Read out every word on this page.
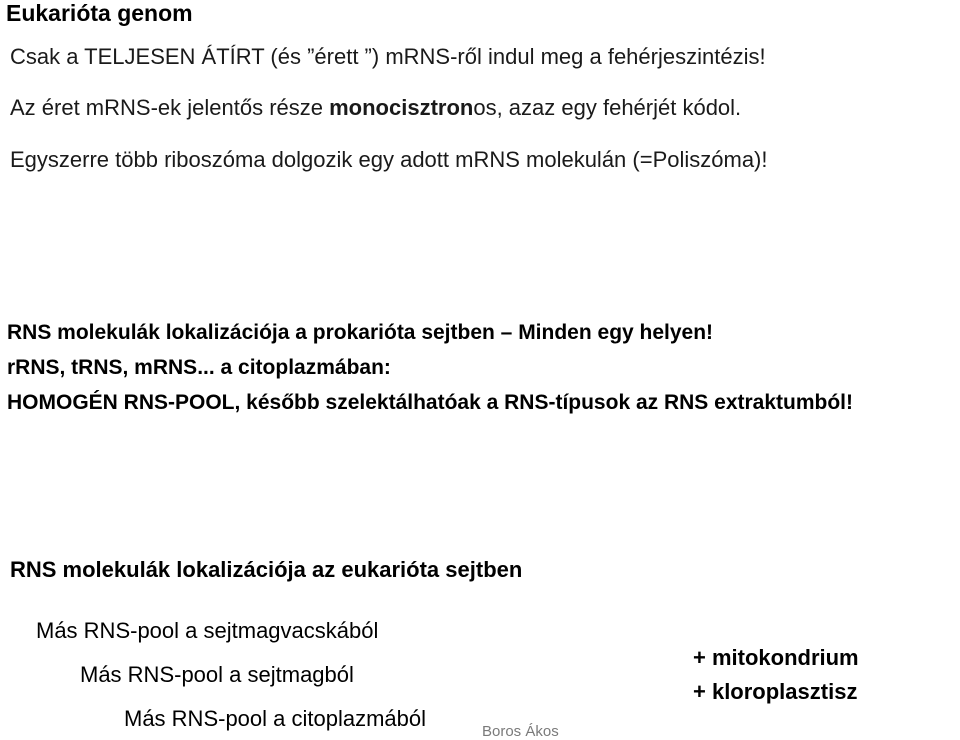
Eukarióta genom

Csak a TELJESEN ÁTÍRT (és ”érett ”) mRNS-ről indul meg a fehérjeszintézis!

Az éret mRNS-ek jelentős része monocisztronos, azaz egy fehérjét kódol.

Egyszerre több riboszóma dolgozik egy adott mRNS molekulán (=Poliszóma)!

RNS molekulák lokalizációja a prokarióta sejtben – Minden egy helyen!

rRNS, tRNS, mRNS... a citoplazmában:

HOMOGÉN RNS-POOL, később szelektálhatóak a RNS-típusok az RNS extraktumból!

RNS molekulák lokalizációja az eukarióta sejtben

Más RNS-pool a sejtmagvacskából

Más RNS-pool a sejtmagból

Más RNS-pool a citoplazmából

+ mitokondrium

+ kloroplasztisz

Boros Ákos
